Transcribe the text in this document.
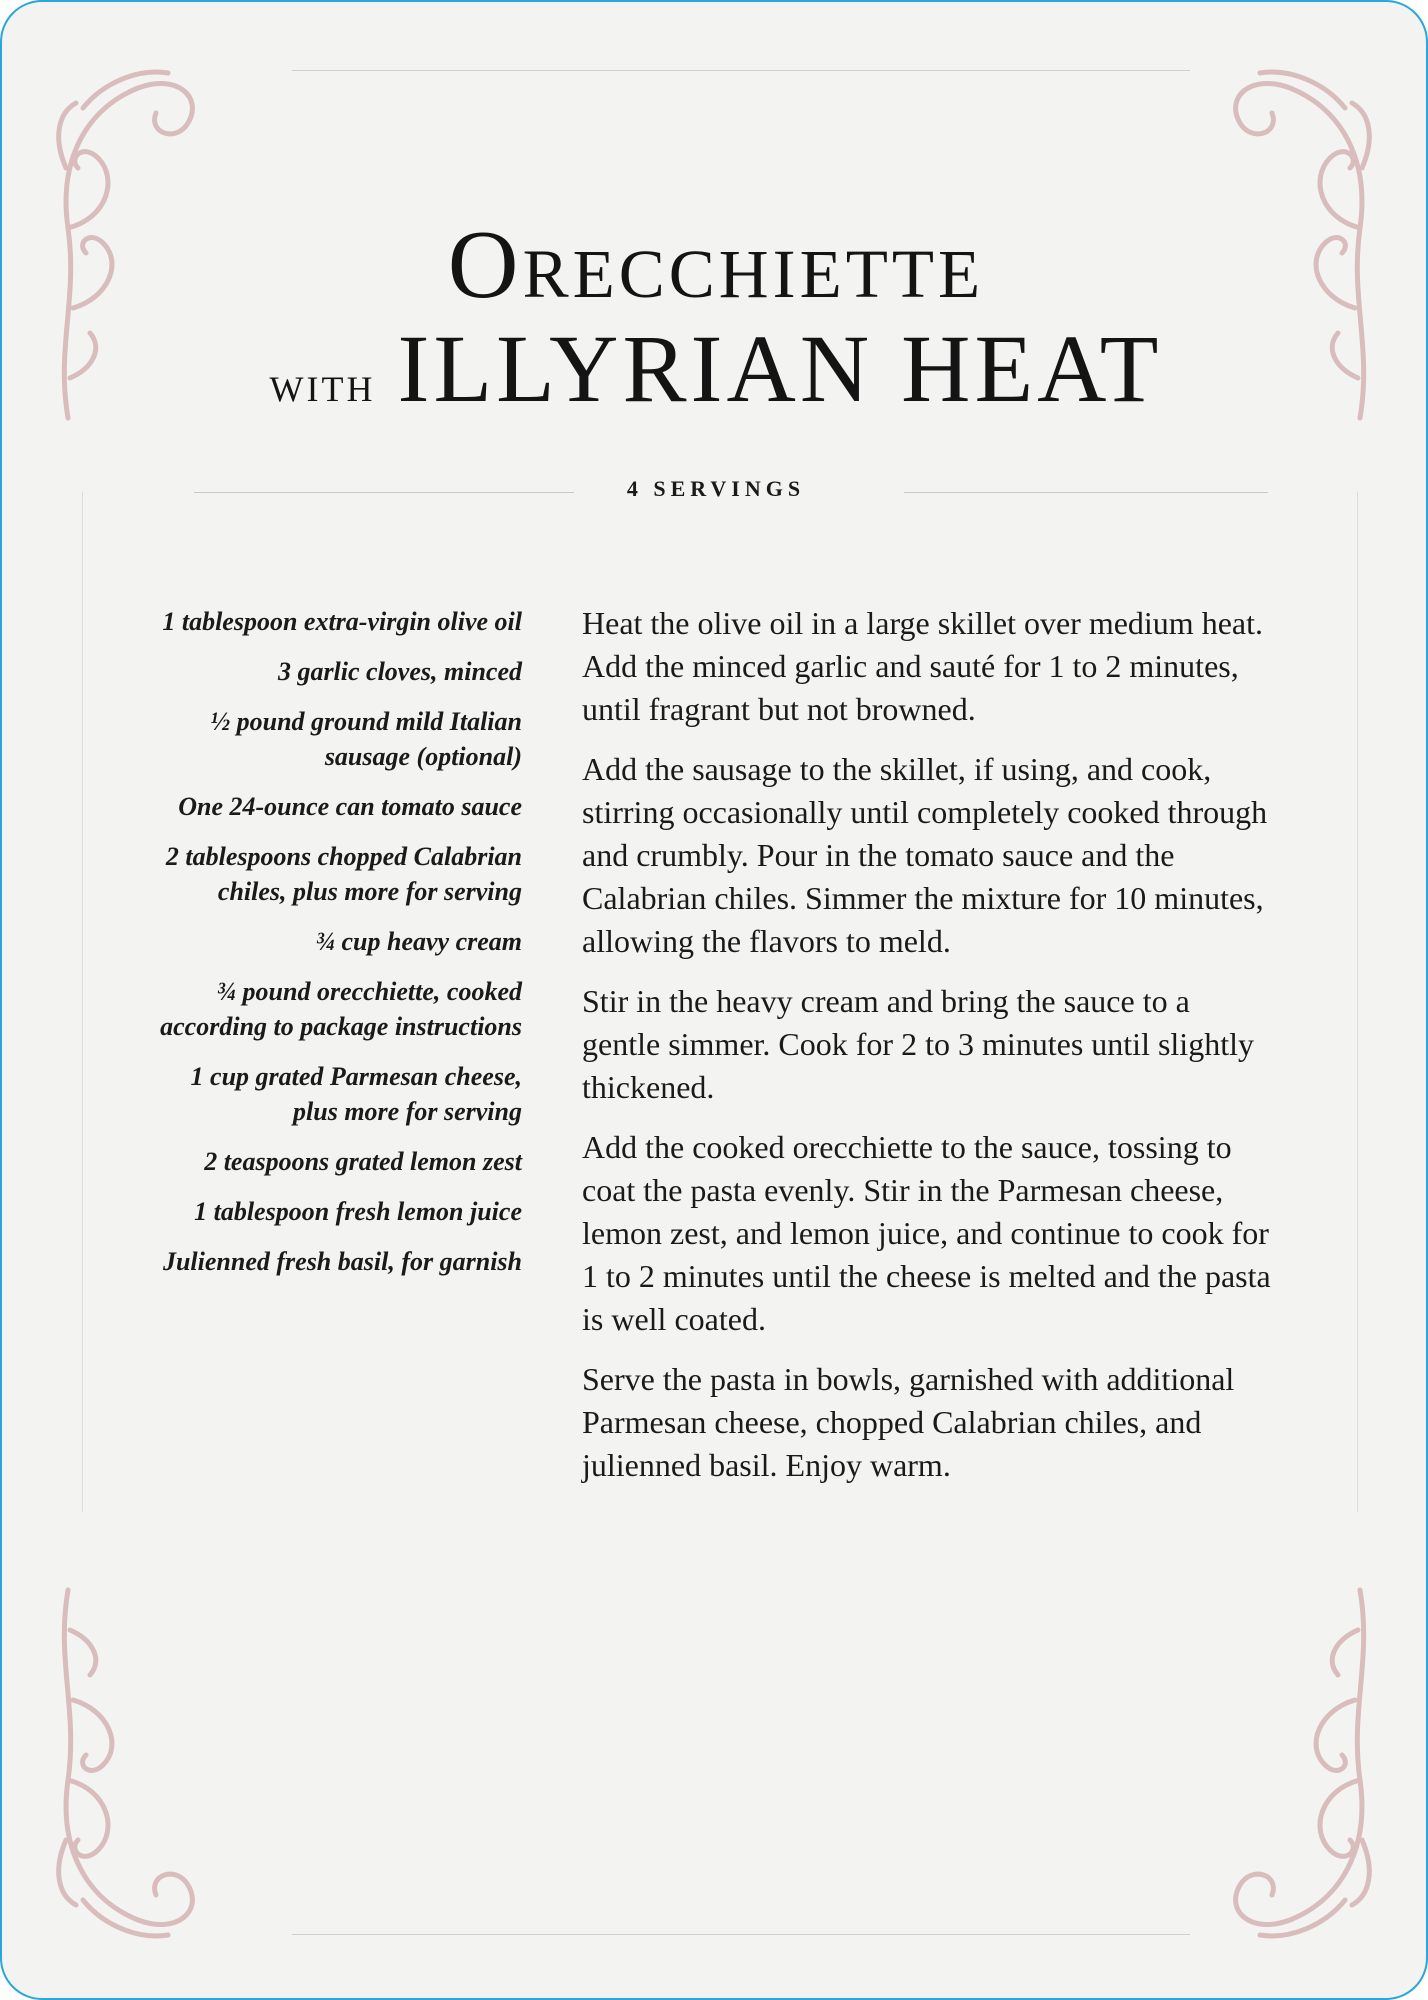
Orecchiette
with ILLYRIAN HEAT
4 SERVINGS
1 tablespoon extra-virgin olive oil
3 garlic cloves, minced
½ pound ground mild Italian sausage (optional)
One 24-ounce can tomato sauce
2 tablespoons chopped Calabrian chiles, plus more for serving
¾ cup heavy cream
¾ pound orecchiette, cooked according to package instructions
1 cup grated Parmesan cheese, plus more for serving
2 teaspoons grated lemon zest
1 tablespoon fresh lemon juice
Julienned fresh basil, for garnish

Heat the olive oil in a large skillet over medium heat. Add the minced garlic and sauté for 1 to 2 minutes, until fragrant but not browned.

Add the sausage to the skillet, if using, and cook, stirring occasionally until completely cooked through and crumbly. Pour in the tomato sauce and the Calabrian chiles. Simmer the mixture for 10 minutes, allowing the flavors to meld.

Stir in the heavy cream and bring the sauce to a gentle simmer. Cook for 2 to 3 minutes until slightly thickened.

Add the cooked orecchiette to the sauce, tossing to coat the pasta evenly. Stir in the Parmesan cheese, lemon zest, and lemon juice, and continue to cook for 1 to 2 minutes until the cheese is melted and the pasta is well coated.

Serve the pasta in bowls, garnished with additional Parmesan cheese, chopped Calabrian chiles, and julienned basil. Enjoy warm.
